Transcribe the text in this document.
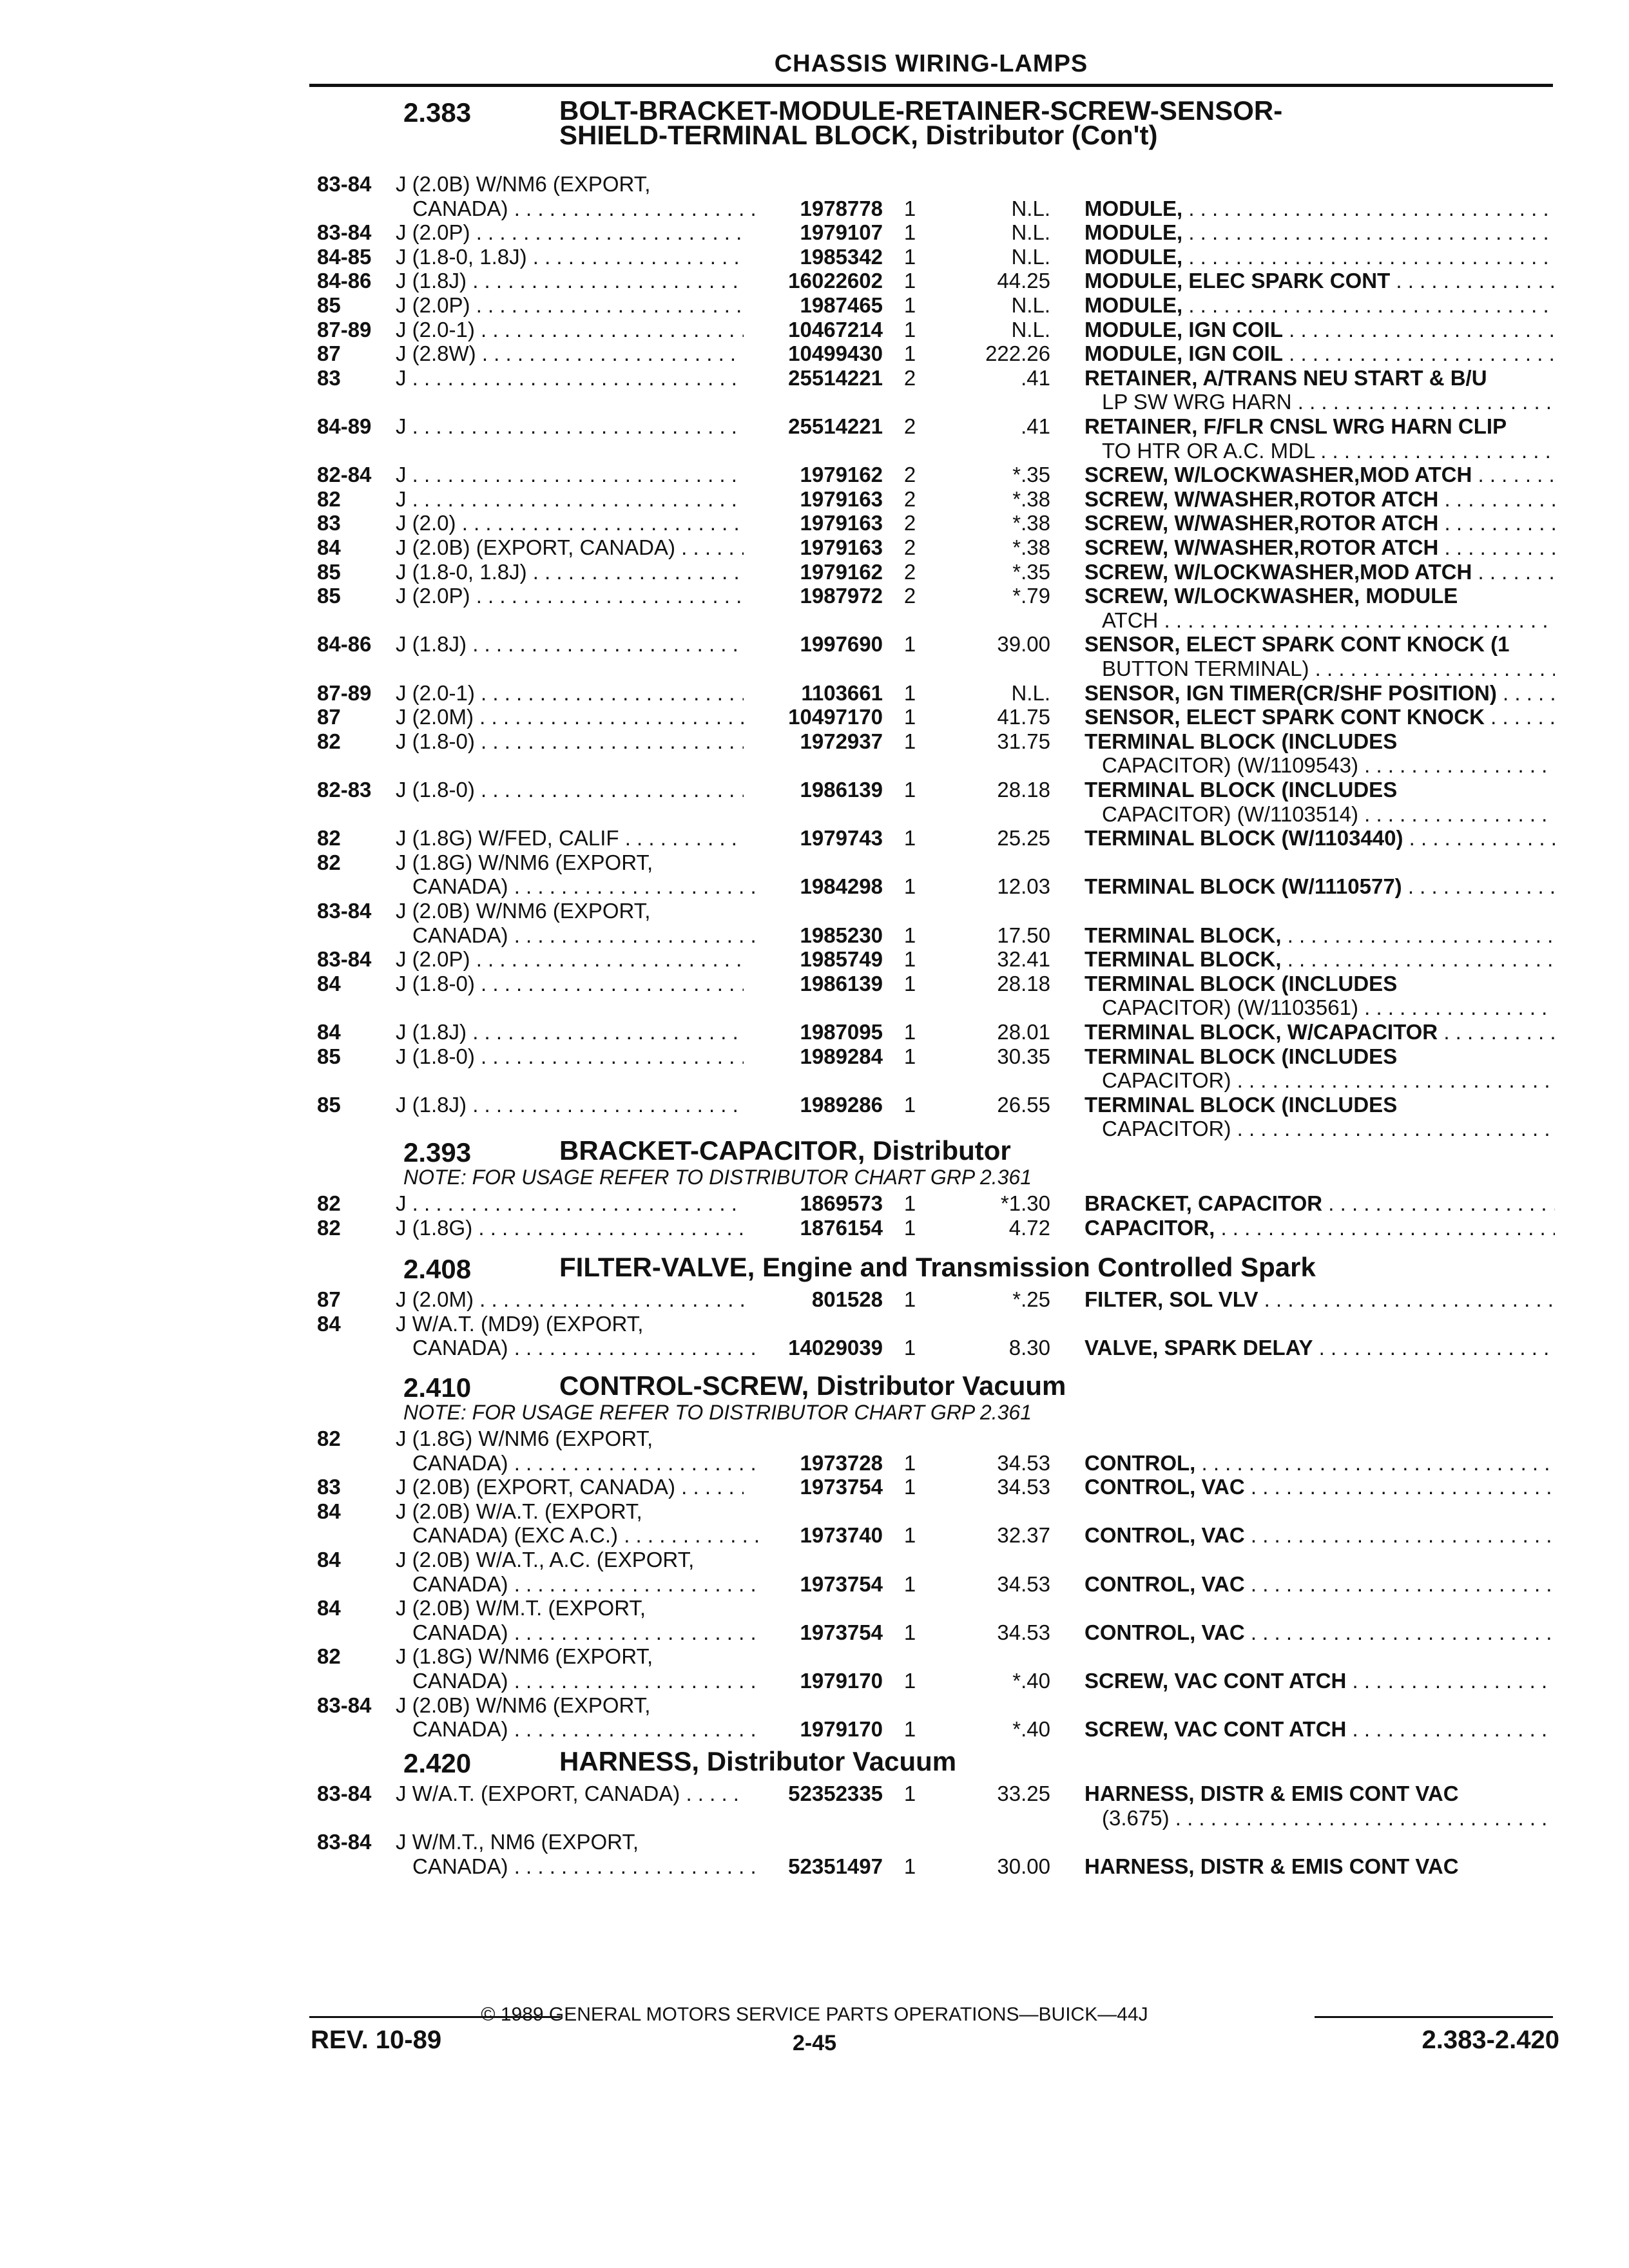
CHASSIS WIRING-LAMPS
2.383	BOLT-BRACKET-MODULE-RETAINER-SCREW-SENSOR-
SHIELD-TERMINAL BLOCK, Distributor (Con't)
83-84 J (2.0B) W/NM6 (EXPORT,
CANADA) . . .	1978778 1	N.L. MODULE, . . .
83-84 J (2.0P) . . .	1979107 1	N.L. MODULE, . . .
84-85 J (1.8-0, 1.8J) . . .	1985342 1	N.L. MODULE, . . .
84-86 J (1.8J) . . .	16022602 1	44.25 MODULE, ELEC SPARK CONT . . .
85	J (2.0P) . . .	1987465 1	N.L. MODULE, . . .
87-89 J (2.0-1) . . .	10467214 1	N.L. MODULE, IGN COIL . . .
87	J (2.8W) . . .	10499430 1	222.26 MODULE, IGN COIL . . .
83	J . . .	25514221 2	.41 RETAINER, A/TRANS NEU START & B/U
LP SW WRG HARN . . .
84-89 J . . .	25514221 2	.41 RETAINER, F/FLR CNSL WRG HARN CLIP
TO HTR OR A.C. MDL . . .
82-84 J . . .	1979162 2	*.35 SCREW, W/LOCKWASHER,MOD ATCH . . .
82	J . . .	1979163 2	*.38 SCREW, W/WASHER,ROTOR ATCH . . .
83	J (2.0) . . .	1979163 2	*.38 SCREW, W/WASHER,ROTOR ATCH . . .
84	J (2.0B) (EXPORT, CANADA) . . .	1979163 2	*.38 SCREW, W/WASHER,ROTOR ATCH . . .
85	J (1.8-0, 1.8J) . . .	1979162 2	*.35 SCREW, W/LOCKWASHER,MOD ATCH . . .
85	J (2.0P) . . .	1987972 2	*.79 SCREW, W/LOCKWASHER, MODULE
ATCH . . .
84-86 J (1.8J) . . .	1997690 1	39.00 SENSOR, ELECT SPARK CONT KNOCK (1
BUTTON TERMINAL) . . .
87-89 J (2.0-1) . . .	1103661 1	N.L. SENSOR, IGN TIMER(CR/SHF POSITION) . . .
87	J (2.0M) . . .	10497170 1	41.75 SENSOR, ELECT SPARK CONT KNOCK . . .
82	J (1.8-0) . . .	1972937 1	31.75 TERMINAL BLOCK (INCLUDES
CAPACITOR) (W/1109543) . . .
82-83 J (1.8-0) . . .	1986139 1	28.18 TERMINAL BLOCK (INCLUDES
CAPACITOR) (W/1103514) . . .
82	J (1.8G) W/FED, CALIF . . .	1979743 1	25.25 TERMINAL BLOCK (W/1103440) . . .
82	J (1.8G) W/NM6 (EXPORT,
CANADA) . . .	1984298 1	12.03 TERMINAL BLOCK (W/1110577) . . .
83-84 J (2.0B) W/NM6 (EXPORT,
CANADA) . . .	1985230 1	17.50 TERMINAL BLOCK, . . .
83-84 J (2.0P) . . .	1985749 1	32.41 TERMINAL BLOCK, . . .
84	J (1.8-0) . . .	1986139 1	28.18 TERMINAL BLOCK (INCLUDES
CAPACITOR) (W/1103561) . . .
84	J (1.8J) . . .	1987095 1	28.01 TERMINAL BLOCK, W/CAPACITOR . . .
85	J (1.8-0) . . .	1989284 1	30.35 TERMINAL BLOCK (INCLUDES
CAPACITOR) . . .
85	J (1.8J) . . .	1989286 1	26.55 TERMINAL BLOCK (INCLUDES
CAPACITOR) . . .
2.393	BRACKET-CAPACITOR, Distributor
NOTE: FOR USAGE REFER TO DISTRIBUTOR CHART GRP 2.361
82	J . . .	1869573 1	*1.30 BRACKET, CAPACITOR . . .
82	J (1.8G) . . .	1876154 1	4.72 CAPACITOR, . . .
2.408	FILTER-VALVE, Engine and Transmission Controlled Spark
87	J (2.0M) . . .	801528 1	*.25 FILTER, SOL VLV . . .
84	J W/A.T. (MD9) (EXPORT,
CANADA) . . .	14029039 1	8.30 VALVE, SPARK DELAY . . .
2.410	CONTROL-SCREW, Distributor Vacuum
NOTE: FOR USAGE REFER TO DISTRIBUTOR CHART GRP 2.361
82	J (1.8G) W/NM6 (EXPORT,
CANADA) . . .	1973728 1	34.53 CONTROL, . . .
83	J (2.0B) (EXPORT, CANADA) . . .	1973754 1	34.53 CONTROL, VAC . . .
84	J (2.0B) W/A.T. (EXPORT,
CANADA) (EXC A.C.) . . .	1973740 1	32.37 CONTROL, VAC . . .
84	J (2.0B) W/A.T., A.C. (EXPORT,
CANADA) . . .	1973754 1	34.53 CONTROL, VAC . . .
84	J (2.0B) W/M.T. (EXPORT,
CANADA) . . .	1973754 1	34.53 CONTROL, VAC . . .
82	J (1.8G) W/NM6 (EXPORT,
CANADA) . . .	1979170 1	*.40 SCREW, VAC CONT ATCH . . .
83-84 J (2.0B) W/NM6 (EXPORT,
CANADA) . . .	1979170 1	*.40 SCREW, VAC CONT ATCH . . .
2.420	HARNESS, Distributor Vacuum
83-84 J W/A.T. (EXPORT, CANADA) . . .	52352335 1	33.25 HARNESS, DISTR & EMIS CONT VAC
(3.675) . . .
83-84 J W/M.T., NM6 (EXPORT,
CANADA) . . .	52351497 1	30.00 HARNESS, DISTR & EMIS CONT VAC
© 1989 GENERAL MOTORS SERVICE PARTS OPERATIONS—BUICK—44J
REV. 10-89	2-45	2.383-2.420
